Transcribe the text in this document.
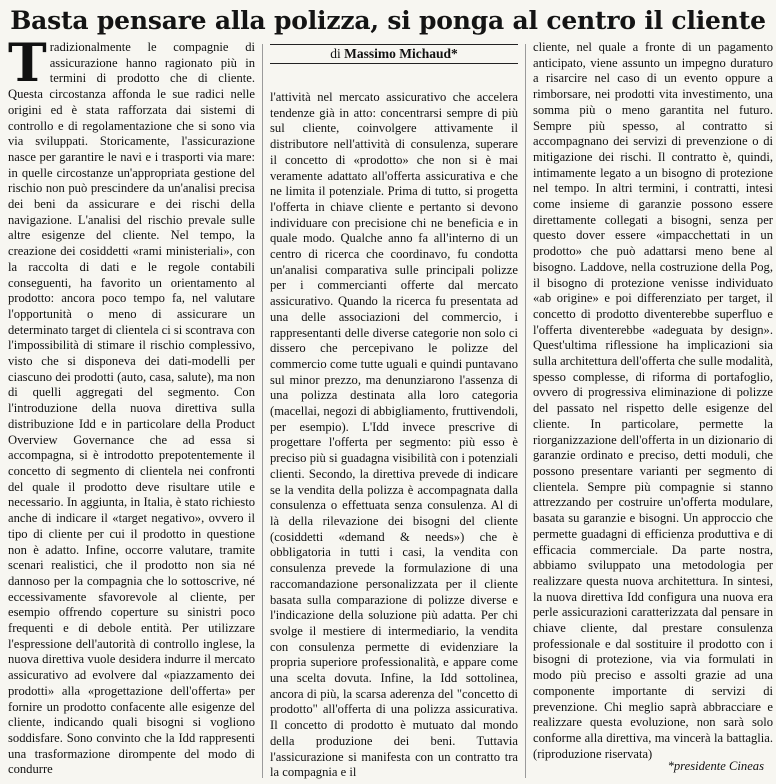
Basta pensare alla polizza, si ponga al centro il cliente

Tradizionalmente le compagnie di assicurazione hanno ragionato più in termini di prodotto che di cliente. Questa circostanza affonda le sue radici nelle origini ed è stata rafforzata dai sistemi di controllo e di regolamentazione che si sono via via sviluppati. Storicamente, l'assicurazione nasce per garantire le navi e i trasporti via mare: in quelle circostanze un'appropriata gestione del rischio non può prescindere da un'analisi precisa dei beni da assicurare e dei rischi della navigazione. L'analisi del rischio prevale sulle altre esigenze del cliente. Nel tempo, la creazione dei cosiddetti «rami ministeriali», con la raccolta di dati e le regole contabili conseguenti, ha favorito un orientamento al prodotto: ancora poco tempo fa, nel valutare l'opportunità o meno di assicurare un determinato target di clientela ci si scontrava con l'impossibilità di stimare il rischio complessivo, visto che si disponeva dei dati-modelli per ciascuno dei prodotti (auto, casa, salute), ma non di quelli aggregati del segmento. Con l'introduzione della nuova direttiva sulla distribuzione Idd e in particolare della Product Overview Governance che ad essa si accompagna, si è introdotto prepotentemente il concetto di segmento di clientela nei confronti del quale il prodotto deve risultare utile e necessario. In aggiunta, in Italia, è stato richiesto anche di indicare il «target negativo», ovvero il tipo di cliente per cui il prodotto in questione non è adatto. Infine, occorre valutare, tramite scenari realistici, che il prodotto non sia né dannoso per la compagnia che lo sottoscrive, né eccessivamente sfavorevole al cliente, per esempio offrendo coperture su sinistri poco frequenti e di debole entità. Per utilizzare l'espressione dell'autorità di controllo inglese, la nuova direttiva vuole desidera indurre il mercato assicurativo ad evolvere dal «piazzamento dei prodotti» alla «progettazione dell'offerta» per fornire un prodotto confacente alle esigenze del cliente, indicando quali bisogni si vogliono soddisfare. Sono convinto che la Idd rappresenti una trasformazione dirompente del modo di condurre

di Massimo Michaud*

l'attività nel mercato assicurativo che accelera tendenze già in atto: concentrarsi sempre di più sul cliente, coinvolgere attivamente il distributore nell'attività di consulenza, superare il concetto di «prodotto» che non si è mai veramente adattato all'offerta assicurativa e che ne limita il potenziale. Prima di tutto, si progetta l'offerta in chiave cliente e pertanto si devono individuare con precisione chi ne beneficia e in quale modo. Qualche anno fa all'interno di un centro di ricerca che coordinavo, fu condotta un'analisi comparativa sulle principali polizze per i commercianti offerte dal mercato assicurativo. Quando la ricerca fu presentata ad una delle associazioni del commercio, i rappresentanti delle diverse categorie non solo ci dissero che percepivano le polizze del commercio come tutte uguali e quindi puntavano sul minor prezzo, ma denunziarono l'assenza di una polizza destinata alla loro categoria (macellai, negozi di abbigliamento, fruttivendoli, per esempio). L'Idd invece prescrive di progettare l'offerta per segmento: più esso è preciso più si guadagna visibilità con i potenziali clienti. Secondo, la direttiva prevede di indicare se la vendita della polizza è accompagnata dalla consulenza o effettuata senza consulenza. Al di là della rilevazione dei bisogni del cliente (cosiddetti «demand & needs») che è obbligatoria in tutti i casi, la vendita con consulenza prevede la formulazione di una raccomandazione personalizzata per il cliente basata sulla comparazione di polizze diverse e l'indicazione della soluzione più adatta. Per chi svolge il mestiere di intermediario, la vendita con consulenza permette di evidenziare la propria superiore professionalità, e appare come una scelta dovuta. Infine, la Idd sottolinea, ancora di più, la scarsa aderenza del "concetto di prodotto" all'offerta di una polizza assicurativa. Il concetto di prodotto è mutuato dal mondo della produzione dei beni. Tuttavia l'assicurazione si manifesta con un contratto tra la compagnia e il

cliente, nel quale a fronte di un pagamento anticipato, viene assunto un impegno duraturo a risarcire nel caso di un evento oppure a rimborsare, nei prodotti vita investimento, una somma più o meno garantita nel futuro. Sempre più spesso, al contratto si accompagnano dei servizi di prevenzione o di mitigazione dei rischi. Il contratto è, quindi, intimamente legato a un bisogno di protezione nel tempo. In altri termini, i contratti, intesi come insieme di garanzie possono essere direttamente collegati a bisogni, senza per questo dover essere «impacchettati in un prodotto» che può adattarsi meno bene al bisogno. Laddove, nella costruzione della Pog, il bisogno di protezione venisse individuato «ab origine» e poi differenziato per target, il concetto di prodotto diventerebbe superfluo e l'offerta diventerebbe «adeguata by design». Quest'ultima riflessione ha implicazioni sia sulla architettura dell'offerta che sulle modalità, spesso complesse, di riforma di portafoglio, ovvero di progressiva eliminazione di polizze del passato nel rispetto delle esigenze del cliente. In particolare, permette la riorganizzazione dell'offerta in un dizionario di garanzie ordinato e preciso, detti moduli, che possono presentare varianti per segmento di clientela. Sempre più compagnie si stanno attrezzando per costruire un'offerta modulare, basata su garanzie e bisogni. Un approccio che permette guadagni di efficienza produttiva e di efficacia commerciale. Da parte nostra, abbiamo sviluppato una metodologia per realizzare questa nuova architettura. In sintesi, la nuova direttiva Idd configura una nuova era perle assicurazioni caratterizzata dal pensare in chiave cliente, dal prestare consulenza professionale e dal sostituire il prodotto con i bisogni di protezione, via via formulati in modo più preciso e assolti grazie ad una componente importante di servizi di prevenzione. Chi meglio saprà abbracciare e realizzare questa evoluzione, non sarà solo conforme alla direttiva, ma vincerà la battaglia. (riproduzione riservata)

*presidente Cineas
